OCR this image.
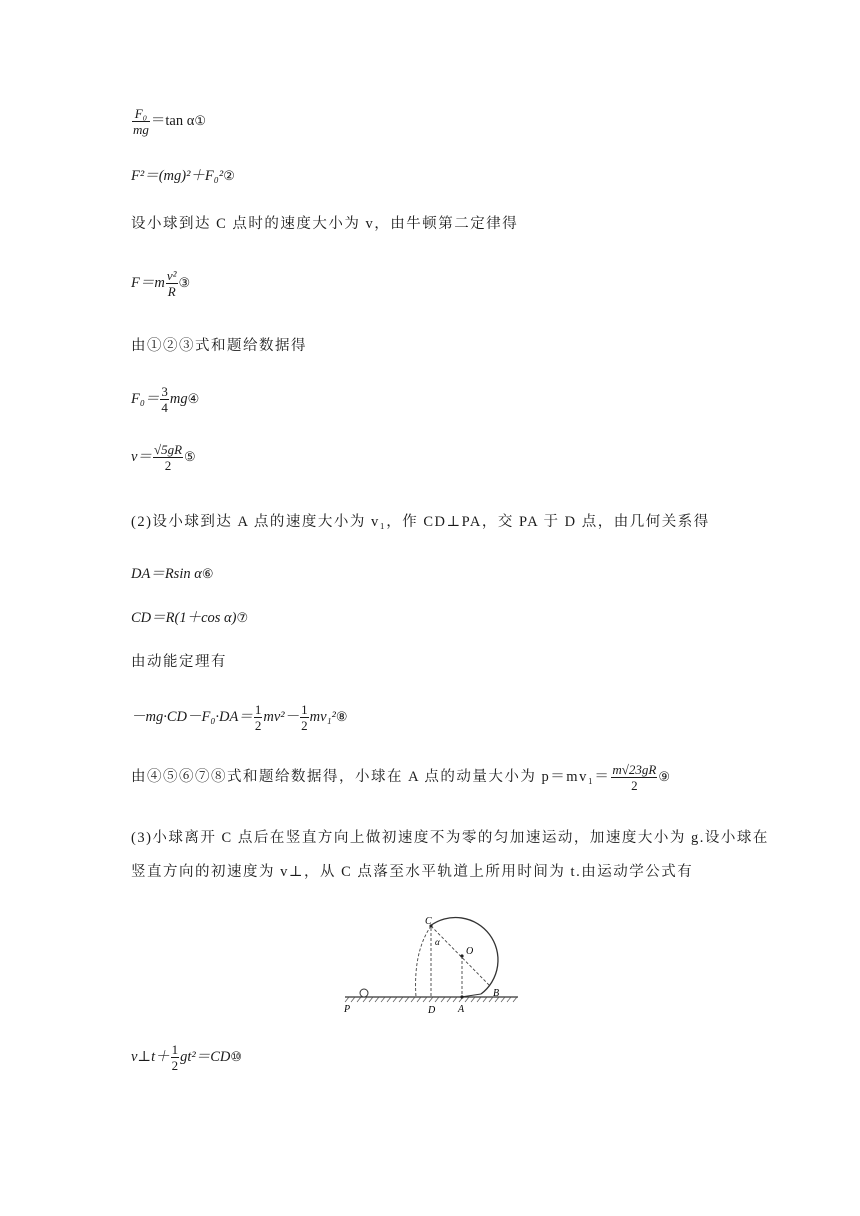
$\frac{\text{F₀}}{mg} =\tan$ α①
F²＝(mg)²＋F₀²②
设小球到达 C 点时的速度大小为 v，由牛顿第二定律得
$F=m \frac{\text{v²}}{R}$ ③
由①②③式和题给数据得
$F_0= \frac{3}{4}$ mg④
$v= \frac{√5gR}{2}$ ⑤
(2)设小球到达 A 点的速度大小为 v₁，作 CD⊥PA，交 PA 于 D 点，由几何关系得
DA＝Rsin α⑥
CD＝R(1＋cos α)⑦
由动能定理有
$-mg\cdot CD-F_0\cdot DA= \frac{1}{2} mv^2- \frac{1}{2}$ mv₁²⑧
由④⑤⑥⑦⑧式和题给数据得，小球在 A 点的动量大小为 $p=mv_1= \frac{m√23gR}{2}$ ⑨
(3)小球离开 C 点后在竖直方向上做初速度不为零的匀加速运动，加速度大小为 g.设小球在
竖直方向的初速度为 v⊥，从 C 点落至水平轨道上所用时间为 t.由运动学公式有
C
O
α
B
P	D A
v⊥t＋ $\frac{1}{2}$ gt²＝CD⑩
